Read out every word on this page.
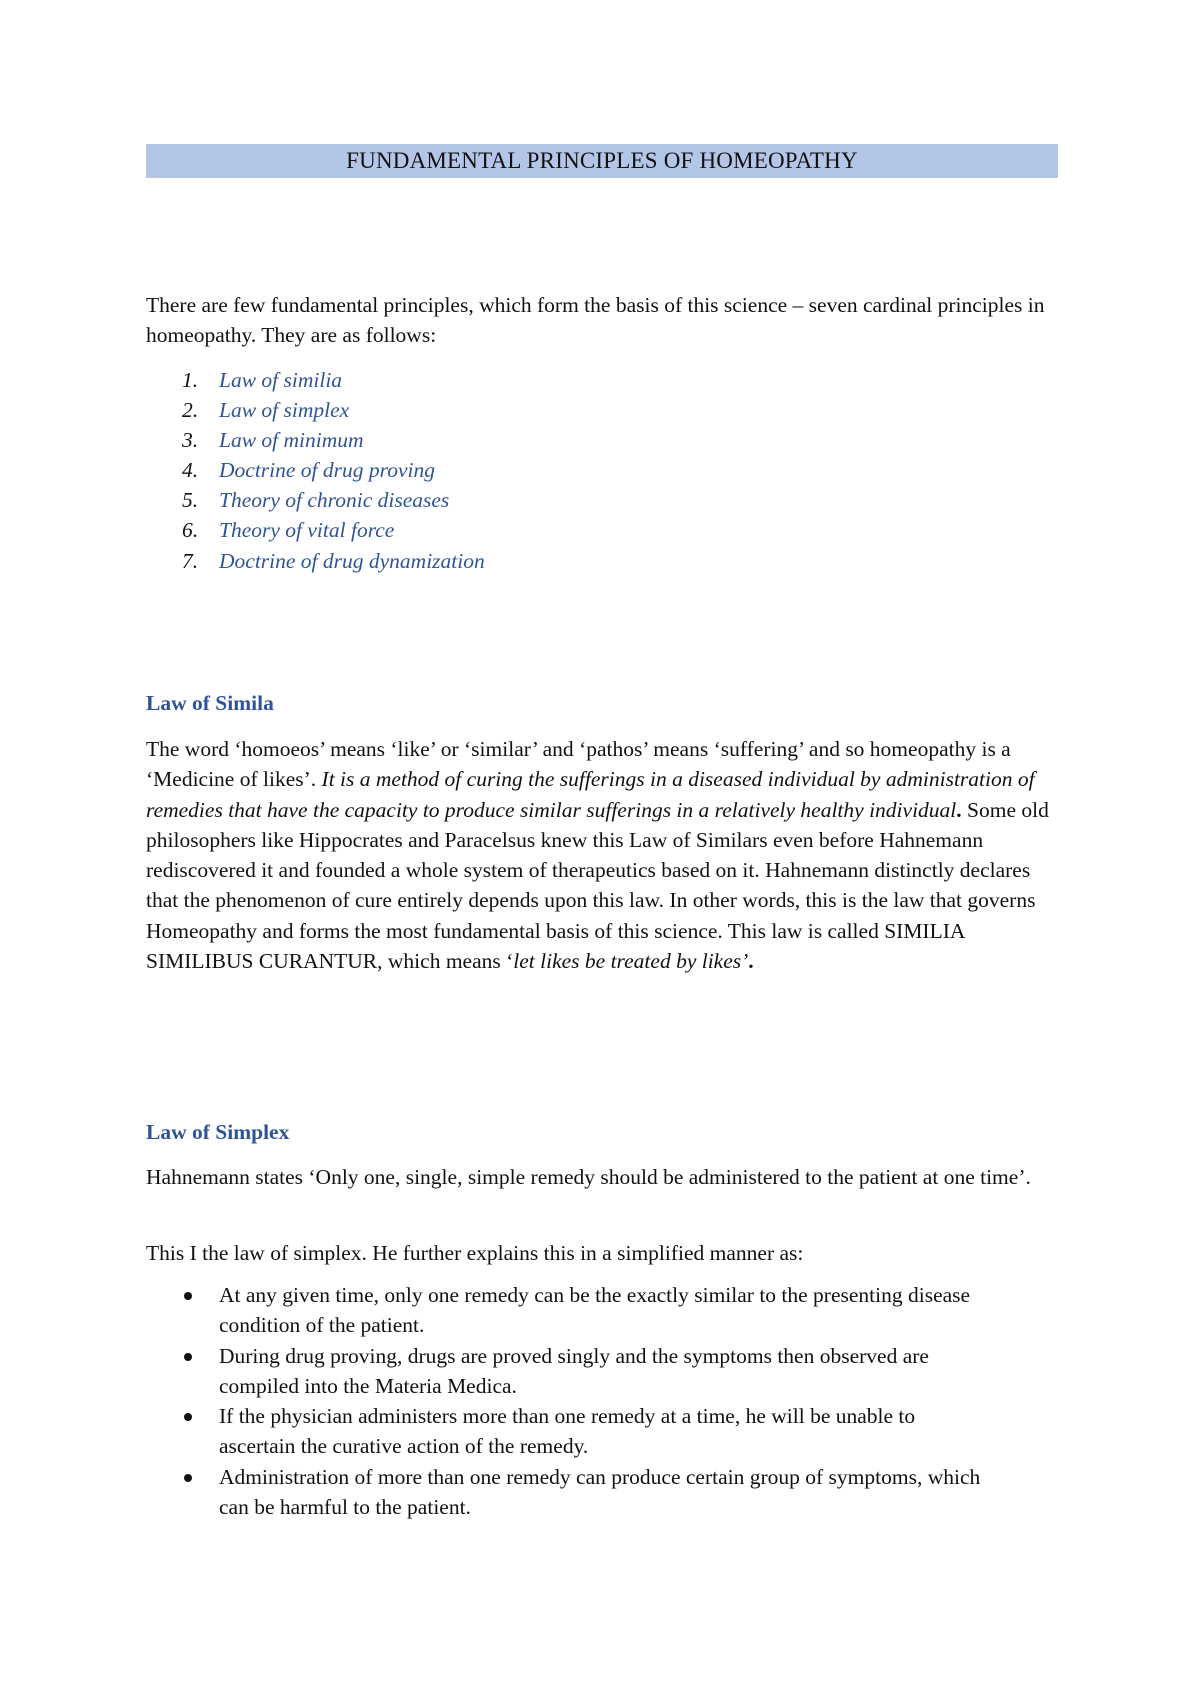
FUNDAMENTAL PRINCIPLES OF HOMEOPATHY

There are few fundamental principles, which form the basis of this science – seven cardinal principles in homeopathy. They are as follows:

1. Law of similia
2. Law of simplex
3. Law of minimum
4. Doctrine of drug proving
5. Theory of chronic diseases
6. Theory of vital force
7. Doctrine of drug dynamization
Law of Simila

The word ‘homoeos’ means ‘like’ or ‘similar’ and ‘pathos’ means ‘suffering’ and so homeopathy is a ‘Medicine of likes’. It is a method of curing the sufferings in a diseased individual by administration of remedies that have the capacity to produce similar sufferings in a relatively healthy individual. Some old philosophers like Hippocrates and Paracelsus knew this Law of Similars even before Hahnemann rediscovered it and founded a whole system of therapeutics based on it. Hahnemann distinctly declares that the phenomenon of cure entirely depends upon this law. In other words, this is the law that governs Homeopathy and forms the most fundamental basis of this science. This law is called SIMILIA SIMILIBUS CURANTUR, which means ‘let likes be treated by likes’.

Law of Simplex

Hahnemann states ‘Only one, single, simple remedy should be administered to the patient at one time’.

This I the law of simplex. He further explains this in a simplified manner as:

At any given time, only one remedy can be the exactly similar to the presenting disease condition of the patient.
During drug proving, drugs are proved singly and the symptoms then observed are compiled into the Materia Medica.
If the physician administers more than one remedy at a time, he will be unable to ascertain the curative action of the remedy.
Administration of more than one remedy can produce certain group of symptoms, which can be harmful to the patient.
